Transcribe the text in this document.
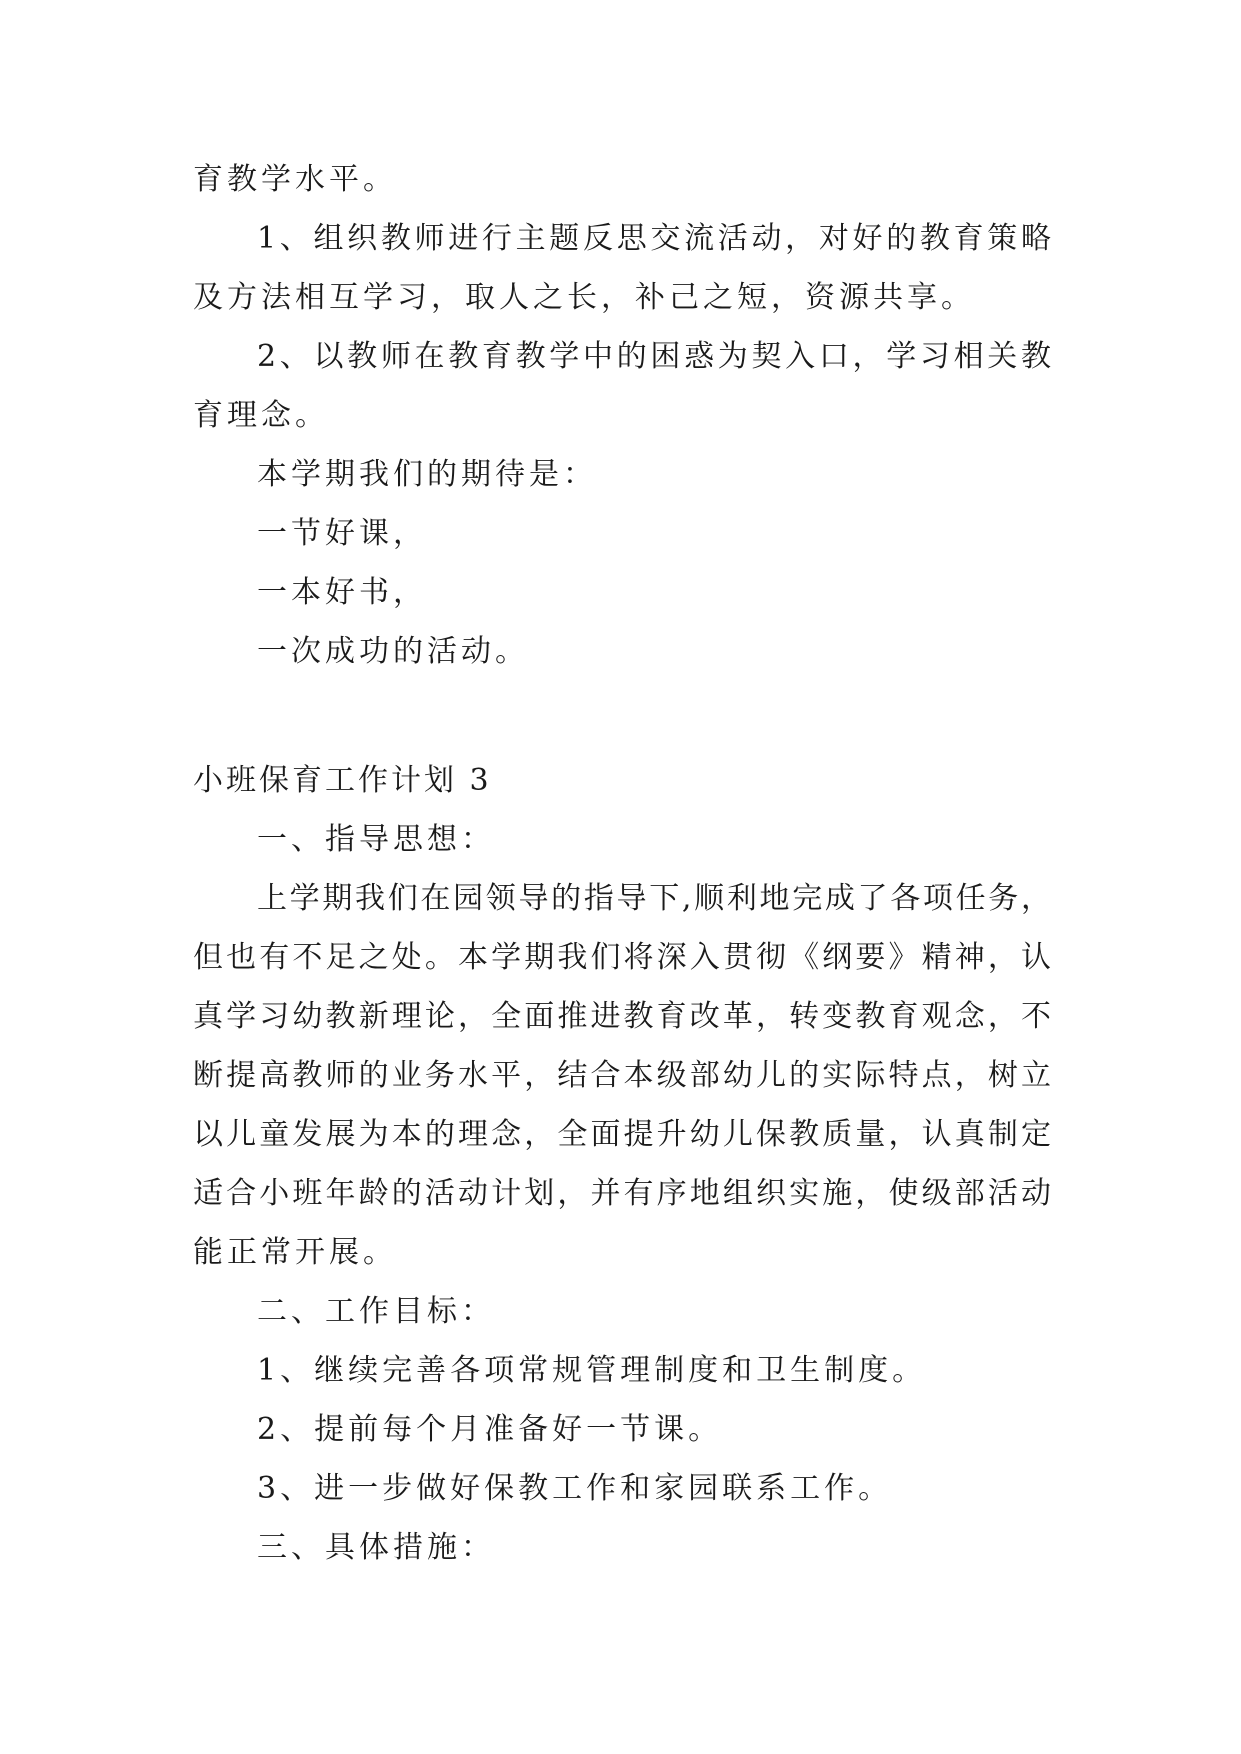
育教学水平。
1、组织教师进行主题反思交流活动，对好的教育策略
及方法相互学习，取人之长，补己之短，资源共享。
2、以教师在教育教学中的困惑为契入口，学习相关教
育理念。
本学期我们的期待是：
一节好课，
一本好书，
一次成功的活动。
小班保育工作计划 3
一、指导思想：
上学期我们在园领导的指导下,顺利地完成了各项任务，
但也有不足之处。本学期我们将深入贯彻《纲要》精神，认
真学习幼教新理论，全面推进教育改革，转变教育观念，不
断提高教师的业务水平，结合本级部幼儿的实际特点，树立
以儿童发展为本的理念，全面提升幼儿保教质量，认真制定
适合小班年龄的活动计划，并有序地组织实施，使级部活动
能正常开展。
二、工作目标：
1、继续完善各项常规管理制度和卫生制度。
2、提前每个月准备好一节课。
3、进一步做好保教工作和家园联系工作。
三、具体措施：
